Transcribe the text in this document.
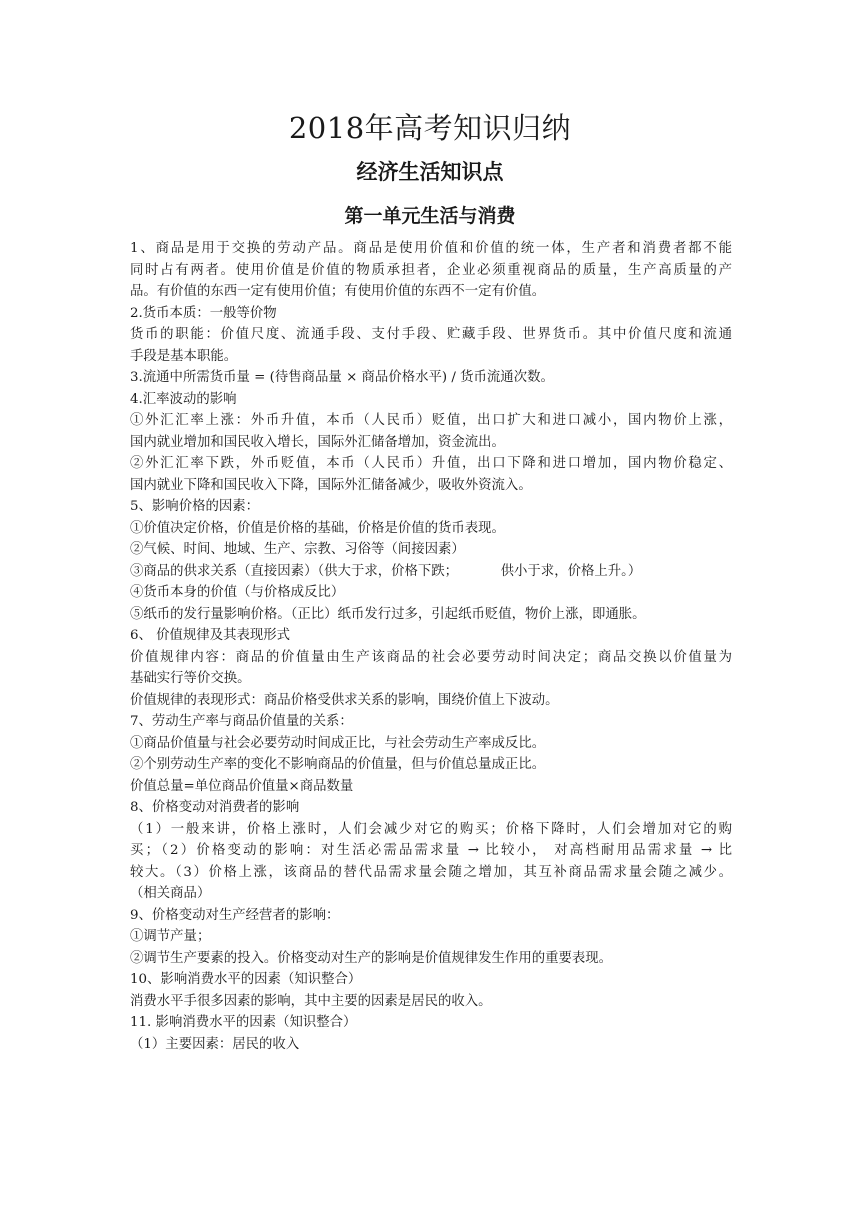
2018年高考知识归纳
经济生活知识点
第一单元生活与消费
1、商品是用于交换的劳动产品。商品是使用价值和价值的统一体，生产者和消费者都不能
同时占有两者。使用价值是价值的物质承担者，企业必须重视商品的质量，生产高质量的产
品。有价值的东西一定有使用价值；有使用价值的东西不一定有价值。
2.货币本质：一般等价物
货币的职能：价值尺度、流通手段、支付手段、贮藏手段、世界货币。其中价值尺度和流通
手段是基本职能。
3.流通中所需货币量 = (待售商品量 × 商品价格水平) / 货币流通次数。
4.汇率波动的影响
①外汇汇率上涨：外币升值，本币（人民币）贬值，出口扩大和进口减小，国内物价上涨，
国内就业增加和国民收入增长，国际外汇储备增加，资金流出。
②外汇汇率下跌，外币贬值，本币（人民币）升值，出口下降和进口增加，国内物价稳定、
国内就业下降和国民收入下降，国际外汇储备减少，吸收外资流入。
5、影响价格的因素：
①价值决定价格，价值是价格的基础，价格是价值的货币表现。
②气候、时间、地域、生产、宗教、习俗等（间接因素）
③商品的供求关系（直接因素）（供大于求，价格下跌；          供小于求，价格上升。）
④货币本身的价值（与价格成反比）
⑤纸币的发行量影响价格。（正比）纸币发行过多，引起纸币贬值，物价上涨，即通胀。
6、 价值规律及其表现形式
价值规律内容：商品的价值量由生产该商品的社会必要劳动时间决定；商品交换以价值量为
基础实行等价交换。
价值规律的表现形式：商品价格受供求关系的影响，围绕价值上下波动。
7、劳动生产率与商品价值量的关系：
①商品价值量与社会必要劳动时间成正比，与社会劳动生产率成反比。
②个别劳动生产率的变化不影响商品的价值量，但与价值总量成正比。
价值总量=单位商品价值量×商品数量
8、价格变动对消费者的影响
（1）一般来讲，价格上涨时，人们会减少对它的购买；价格下降时，人们会增加对它的购
买；（2）价格变动的影响：对生活必需品需求量 → 比较小， 对高档耐用品需求量 → 比
较大。（3）价格上涨，该商品的替代品需求量会随之增加，其互补商品需求量会随之减少。
（相关商品）
9、价格变动对生产经营者的影响：
①调节产量；
②调节生产要素的投入。价格变动对生产的影响是价值规律发生作用的重要表现。
10、影响消费水平的因素（知识整合）
消费水平手很多因素的影响，其中主要的因素是居民的收入。
11. 影响消费水平的因素（知识整合）
（1）主要因素：居民的收入
